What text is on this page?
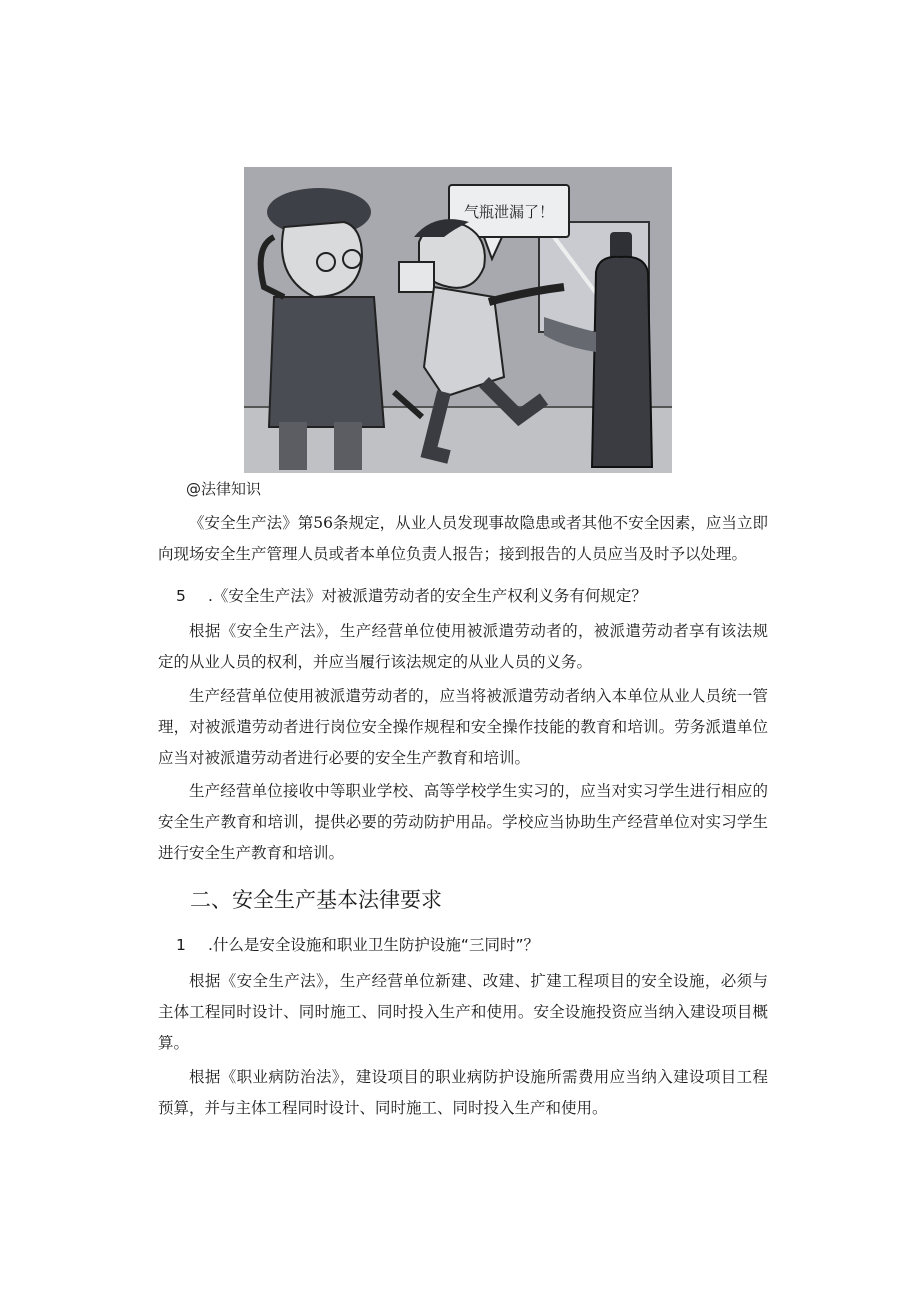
气瓶泄漏了！
@法律知识

《安全生产法》第56条规定，从业人员发现事故隐患或者其他不安全因素，应当立即向现场安全生产管理人员或者本单位负责人报告；接到报告的人员应当及时予以处理。

5 .《安全生产法》对被派遣劳动者的安全生产权利义务有何规定？

根据《安全生产法》，生产经营单位使用被派遣劳动者的，被派遣劳动者享有该法规定的从业人员的权利，并应当履行该法规定的从业人员的义务。

生产经营单位使用被派遣劳动者的，应当将被派遣劳动者纳入本单位从业人员统一管理，对被派遣劳动者进行岗位安全操作规程和安全操作技能的教育和培训。劳务派遣单位应当对被派遣劳动者进行必要的安全生产教育和培训。

生产经营单位接收中等职业学校、高等学校学生实习的，应当对实习学生进行相应的安全生产教育和培训，提供必要的劳动防护用品。学校应当协助生产经营单位对实习学生进行安全生产教育和培训。

二、安全生产基本法律要求

1 .什么是安全设施和职业卫生防护设施“三同时”？

根据《安全生产法》，生产经营单位新建、改建、扩建工程项目的安全设施，必须与主体工程同时设计、同时施工、同时投入生产和使用。安全设施投资应当纳入建设项目概算。

根据《职业病防治法》，建设项目的职业病防护设施所需费用应当纳入建设项目工程预算，并与主体工程同时设计、同时施工、同时投入生产和使用。
